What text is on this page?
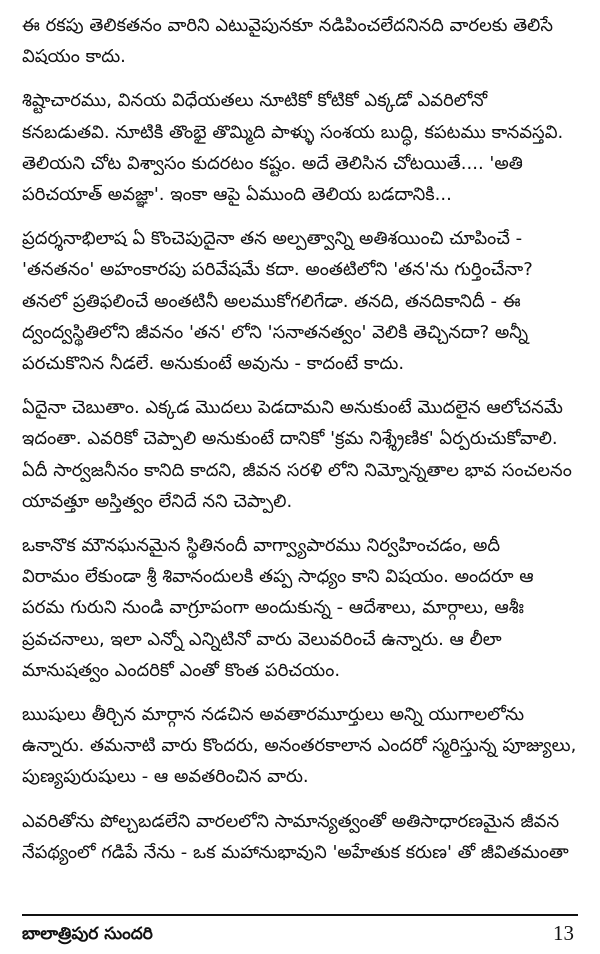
ఈ రకపు తెలికతనం వారిని ఎటువైపునకూ నడిపించలేదనినది వారలకు తెలిసే
విషయం కాదు.

శిష్టాచారము, వినయ విధేయతలు నూటికో కోటికో ఎక్కడో ఎవరిలోనో
కనబడుతవి. నూటికి తొంభై తొమ్మిది పాళ్ళు సంశయ బుద్ధి, కపటము కానవస్తవి.
తెలియని చోట విశ్వాసం కుదరటం కష్టం. అదే తెలిసిన చోటయితే.... 'అతి
పరిచయాత్ అవజ్ఞా'. ఇంకా ఆపై ఏముంది తెలియ బడదానికి...

ప్రదర్శనాభిలాష ఏ కొంచెపుదైనా తన అల్పత్వాన్ని అతిశయించి చూపించే -
'తనతనం' అహంకారపు పరివేషమే కదా. అంతటిలోని 'తన'ను గుర్తించేనా?
తనలో ప్రతిఫలించే అంతటినీ అలముకోగలిగేడా. తనది, తనదికానిదీ - ఈ
ద్వంద్వస్థితిలోని జీవనం 'తన' లోని 'సనాతనత్వం' వెలికి తెచ్చినదా? అన్నీ
పరచుకొనిన నీడలే. అనుకుంటే అవును - కాదంటే కాదు.

ఏదైనా చెబుతాం. ఎక్కడ మొదలు పెడదామని అనుకుంటే మొదలైన ఆలోచనమే
ఇదంతా. ఎవరికో చెప్పాలి అనుకుంటే దానికో 'క్రమ నిశ్శ్రేణిక' ఏర్పరుచుకోవాలి.
ఏదీ సార్వజనీనం కానిది కాదని, జీవన సరళి లోని నిమ్నోన్నతాల భావ సంచలనం
యావత్తూ అస్తిత్వం లేనిదే నని చెప్పాలి.

ఒకానొక మౌనఘనమైన స్థితినందీ వాగ్వ్యాపారము నిర్వహించడం, అదీ
విరామం లేకుండా శ్రీ శివానందులకి తప్ప సాధ్యం కాని విషయం. అందరూ ఆ
పరమ గురుని నుండి వాగ్రూపంగా అందుకున్న - ఆదేశాలు, మార్గాలు, ఆశీః
ప్రవచనాలు, ఇలా ఎన్నో ఎన్నిటినో వారు వెలువరించే ఉన్నారు. ఆ లీలా
మానుషత్వం ఎందరికో ఎంతో కొంత పరిచయం.

ఋషులు తీర్చిన మార్గాన నడచిన అవతారమూర్తులు అన్ని యుగాలలోను
ఉన్నారు. తమనాటి వారు కొందరు, అనంతరకాలాన ఎందరో స్మరిస్తున్న పూజ్యులు,
పుణ్యపురుషులు - ఆ అవతరించిన వారు.

ఎవరితోను పోల్చబడలేని వారలలోని సామాన్యత్వంతో అతిసాధారణమైన జీవన
నేపథ్యంలో గడిపే నేను - ఒక మహానుభావుని 'అహేతుక కరుణ' తో జీవితమంతా

బాలాత్రిపుర సుందరి	13
